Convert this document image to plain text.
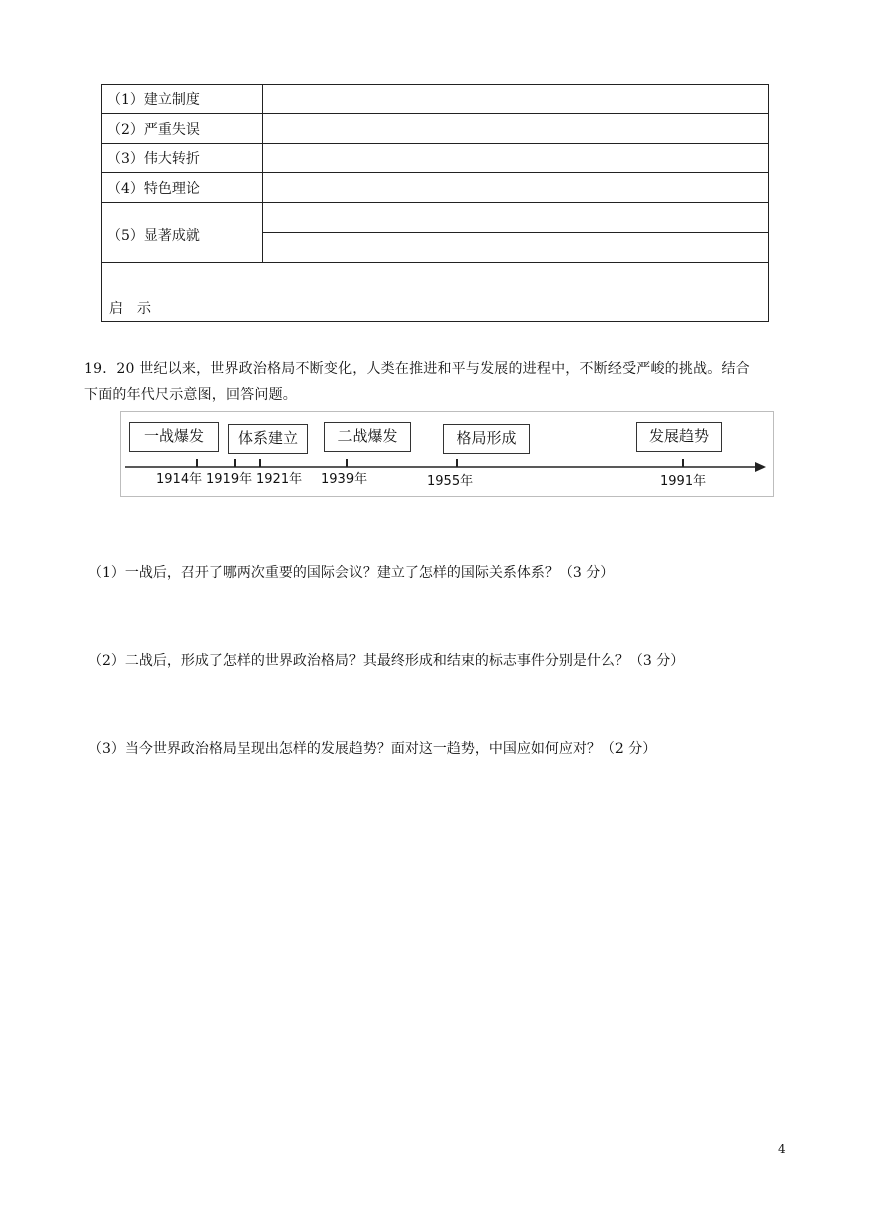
（1）建立制度
（2）严重失误
（3）伟大转折
（4）特色理论
（5）显著成就
启　示
19．20 世纪以来，世界政治格局不断变化，人类在推进和平与发展的进程中，不断经受严峻的挑战。结合
下面的年代尺示意图，回答问题。
一战爆发	体系建立	二战爆发	格局形成	发展趋势
1914年 1919年 1921年 1939年	1955年	1991年
（1）一战后，召开了哪两次重要的国际会议？建立了怎样的国际关系体系？（3 分）
（2）二战后，形成了怎样的世界政治格局？其最终形成和结束的标志事件分别是什么？（3 分）
（3）当今世界政治格局呈现出怎样的发展趋势？面对这一趋势，中国应如何应对？（2 分）
4
